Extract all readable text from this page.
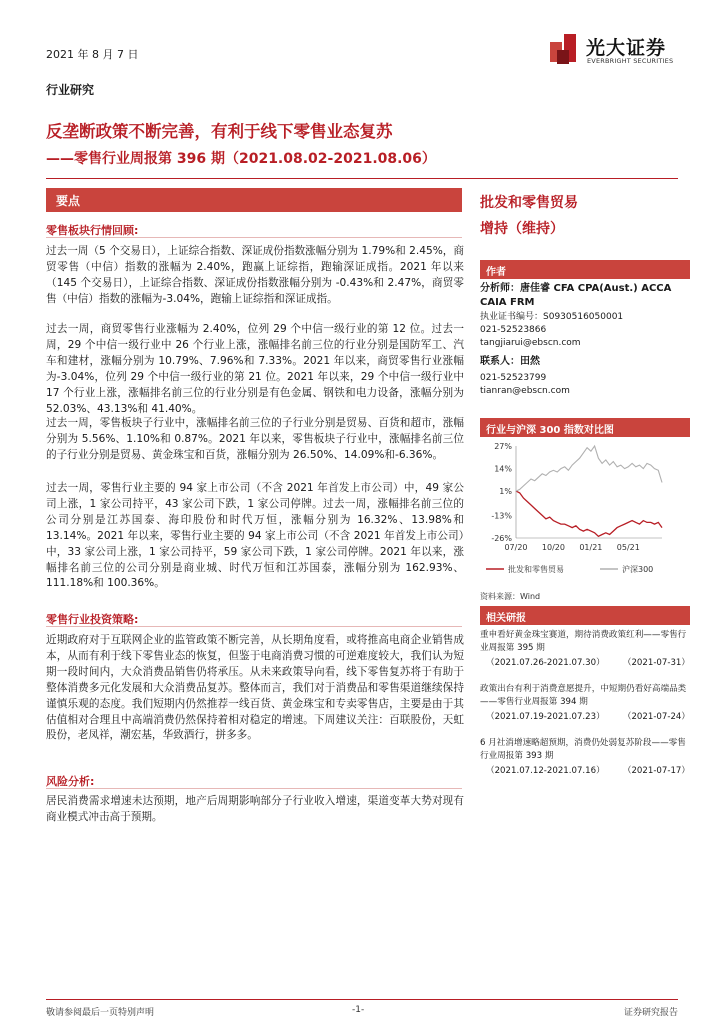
2021 年 8 月 7 日	光大证券
EVERBRIGHT SECURITIES
行业研究
反垄断政策不断完善，有利于线下零售业态复苏
——零售行业周报第 396 期（2021.08.02-2021.08.06）
要点
零售板块行情回顾:
过去一周（5 个交易日），上证综合指数、深证成份指数涨幅分别为 1.79%和 2.45%，商贸零售（中信）指数的涨幅为 2.40%，跑赢上证综指，跑输深证成指。2021 年以来（145 个交易日），上证综合指数、深证成份指数涨幅分别为 -0.43%和 2.47%，商贸零售（中信）指数的涨幅为-3.04%，跑输上证综指和深证成指。
过去一周，商贸零售行业涨幅为 2.40%，位列 29 个中信一级行业的第 12 位。过去一周，29 个中信一级行业中 26 个行业上涨，涨幅排名前三位的行业分别是国防军工、汽车和建材，涨幅分别为 10.79%、7.96%和 7.33%。2021 年以来，商贸零售行业涨幅为-3.04%，位列 29 个中信一级行业的第 21 位。2021 年以来，29 个中信一级行业中 17 个行业上涨，涨幅排名前三位的行业分别是有色金属、钢铁和电力设备，涨幅分别为 52.03%、43.13%和 41.40%。
过去一周，零售板块子行业中，涨幅排名前三位的子行业分别是贸易、百货和超市，涨幅分别为 5.56%、1.10%和 0.87%。2021 年以来，零售板块子行业中，涨幅排名前三位的子行业分别是贸易、黄金珠宝和百货，涨幅分别为 26.50%、14.09%和-6.36%。
过去一周，零售行业主要的 94 家上市公司（不含 2021 年首发上市公司）中，49 家公司上涨，1 家公司持平，43 家公司下跌，1 家公司停牌。过去一周，涨幅排名前三位的公司分别是江苏国泰、海印股份和时代万恒，涨幅分别为 16.32%、13.98%和 13.14%。2021 年以来，零售行业主要的 94 家上市公司（不含 2021 年首发上市公司）中，33 家公司上涨，1 家公司持平，59 家公司下跌，1 家公司停牌。2021 年以来，涨幅排名前三位的公司分别是商业城、时代万恒和江苏国泰，涨幅分别为 162.93%、111.18%和 100.36%。
零售行业投资策略:
近期政府对于互联网企业的监管政策不断完善，从长期角度看，或将推高电商企业销售成本，从而有利于线下零售业态的恢复，但鉴于电商消费习惯的可逆难度较大，我们认为短期一段时间内，大众消费品销售仍将承压。从未来政策导向看，线下零售复苏将于有助于整体消费多元化发展和大众消费品复苏。整体而言，我们对于消费品和零售渠道继续保持谨慎乐观的态度。我们短期内仍然推荐一线百货、黄金珠宝和专卖零售店，主要是由于其估值相对合理且中高端消费仍然保持着相对稳定的增速。下周建议关注：百联股份，天虹股份，老凤祥，潮宏基，华致酒行，拼多多。
风险分析:
居民消费需求增速未达预期，地产后周期影响部分子行业收入增速，渠道变革大势对现有商业模式冲击高于预期。
批发和零售贸易
增持（维持）
作者
分析师：唐佳睿 CFA CPA(Aust.) ACCA
CAIA FRM
执业证书编号：S0930516050001
021-52523866
tangjiarui@ebscn.com
联系人：田然
021-52523799
tianran@ebscn.com
行业与沪深 300 指数对比图
27%
14%
1%
-13%
-26%
07/20 10/20 01/21 05/21
批发和零售贸易	沪深300
资料来源：Wind
相关研报
重申看好黄金珠宝赛道，期待消费政策红利——零售行业周报第 395 期
（2021.07.26-2021.07.30） （2021-07-31）
政策出台有利于消费意愿提升，中短期仍看好高端品类——零售行业周报第 394 期
（2021.07.19-2021.07.23） （2021-07-24）
6 月社消增速略超预期，消费仍处弱复苏阶段——零售行业周报第 393 期
（2021.07.12-2021.07.16） （2021-07-17）
敬请参阅最后一页特别声明	-1-	证券研究报告
